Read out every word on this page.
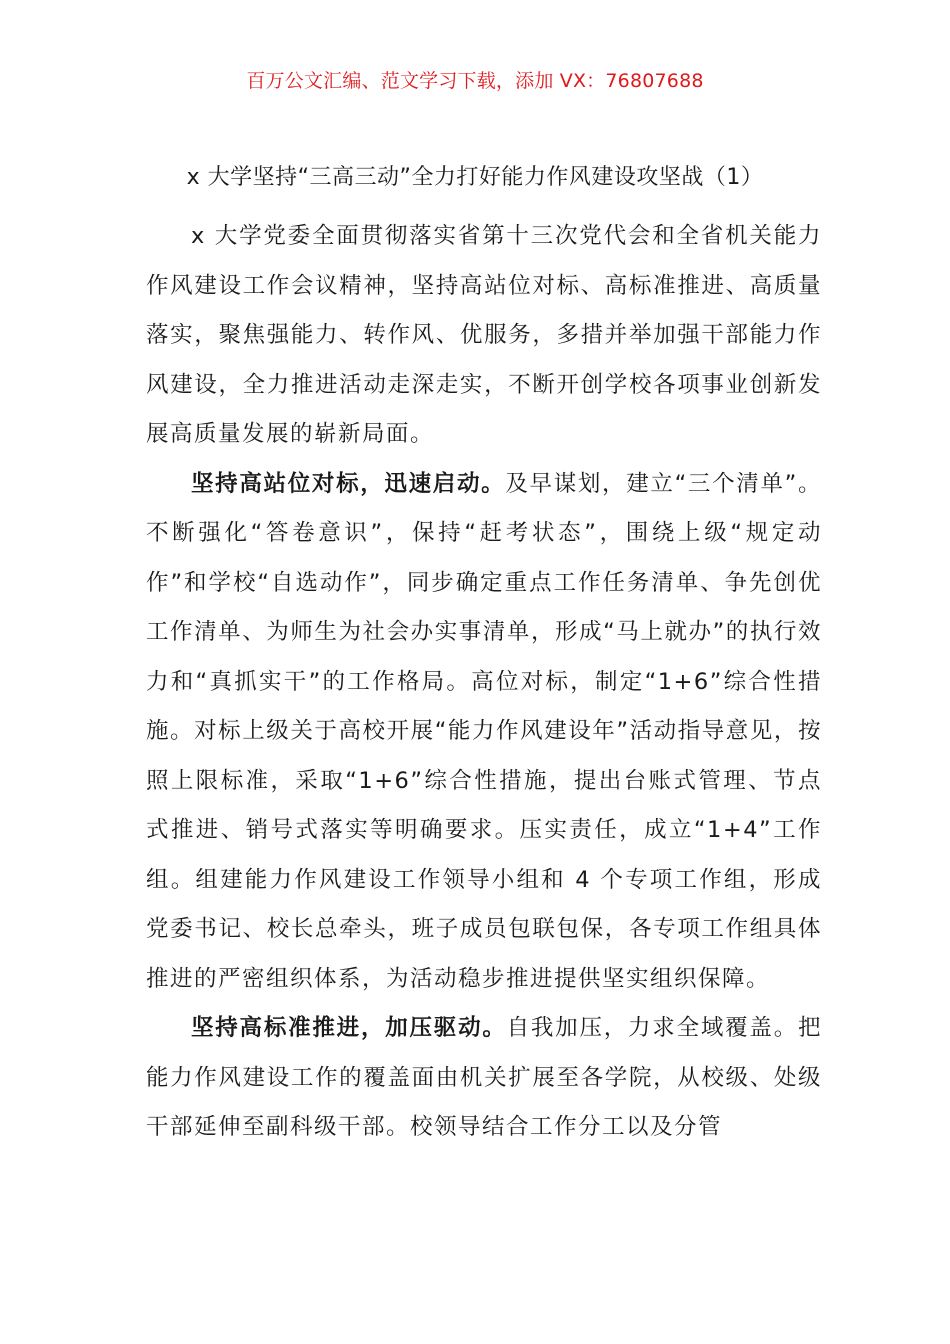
百万公文汇编、范文学习下载，添加 VX：76807688
x 大学坚持“三高三动”全力打好能力作风建设攻坚战（1）

x 大学党委全面贯彻落实省第十三次党代会和全省机关能力作风建设工作会议精神，坚持高站位对标、高标准推进、高质量落实，聚焦强能力、转作风、优服务，多措并举加强干部能力作风建设，全力推进活动走深走实，不断开创学校各项事业创新发展高质量发展的崭新局面。

坚持高站位对标，迅速启动。及早谋划，建立“三个清单”。不断强化“答卷意识”，保持“赶考状态”，围绕上级“规定动作”和学校“自选动作”，同步确定重点工作任务清单、争先创优工作清单、为师生为社会办实事清单，形成“马上就办”的执行效力和“真抓实干”的工作格局。高位对标，制定“1+6”综合性措施。对标上级关于高校开展“能力作风建设年”活动指导意见，按照上限标准，采取“1+6”综合性措施，提出台账式管理、节点式推进、销号式落实等明确要求。压实责任，成立“1+4”工作组。组建能力作风建设工作领导小组和 4 个专项工作组，形成党委书记、校长总牵头，班子成员包联包保，各专项工作组具体推进的严密组织体系，为活动稳步推进提供坚实组织保障。

坚持高标准推进，加压驱动。自我加压，力求全域覆盖。把能力作风建设工作的覆盖面由机关扩展至各学院，从校级、处级干部延伸至副科级干部。校领导结合工作分工以及分管
